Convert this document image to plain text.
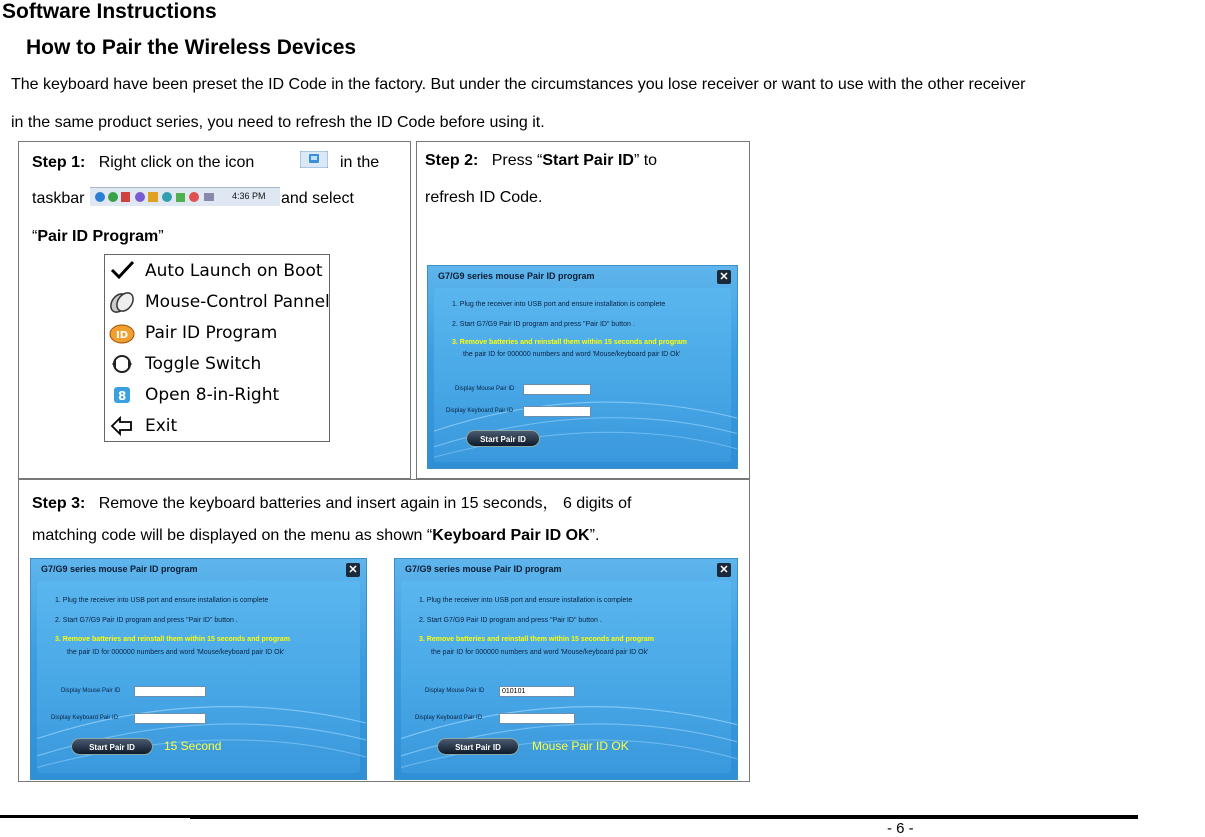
Software Instructions
How to Pair the Wireless Devices
The keyboard have been preset the ID Code in the factory. But under the circumstances you lose receiver or want to use with the other receiver
in the same product series, you need to refresh the ID Code before using it.
Step 1: Right click on the icon	in the
taskbar	4:36 PM and select
“Pair ID Program”
Auto Launch on Boot
Mouse-Control Pannel
ID Pair ID Program
Toggle Switch
8 Open 8-in-Right
Exit
Step 2: Press “Start Pair ID” to
refresh ID Code.
G7/G9 series mouse Pair ID program	✕
1. Plug the receiver into USB port and ensure installation is complete
2. Start G7/G9 Pair ID program and press "Pair ID" button .
3. Remove batteries and reinstall them within 15 seconds and program
the pair ID for 000000 numbers and word 'Mouse/keyboard pair ID Ok'
Display Mouse Pair ID
Display Keyboard Pair ID
Start Pair ID
Step 3: Remove the keyboard batteries and insert again in 15 seconds， 6 digits of
matching code will be displayed on the menu as shown “Keyboard Pair ID OK”.
G7/G9 series mouse Pair ID program	✕
1. Plug the receiver into USB port and ensure installation is complete
2. Start G7/G9 Pair ID program and press "Pair ID" button .
3. Remove batteries and reinstall them within 15 seconds and program
the pair ID for 000000 numbers and word 'Mouse/keyboard pair ID Ok'
Display Mouse Pair ID
Display Keyboard Pair ID
Start Pair ID	15 Second
G7/G9 series mouse Pair ID program	✕
1. Plug the receiver into USB port and ensure installation is complete
2. Start G7/G9 Pair ID program and press "Pair ID" button .
3. Remove batteries and reinstall them within 15 seconds and program
the pair ID for 000000 numbers and word 'Mouse/keyboard pair ID Ok'
Display Mouse Pair ID	010101
Display Keyboard Pair ID
Start Pair ID	Mouse Pair ID OK
- 6 -
